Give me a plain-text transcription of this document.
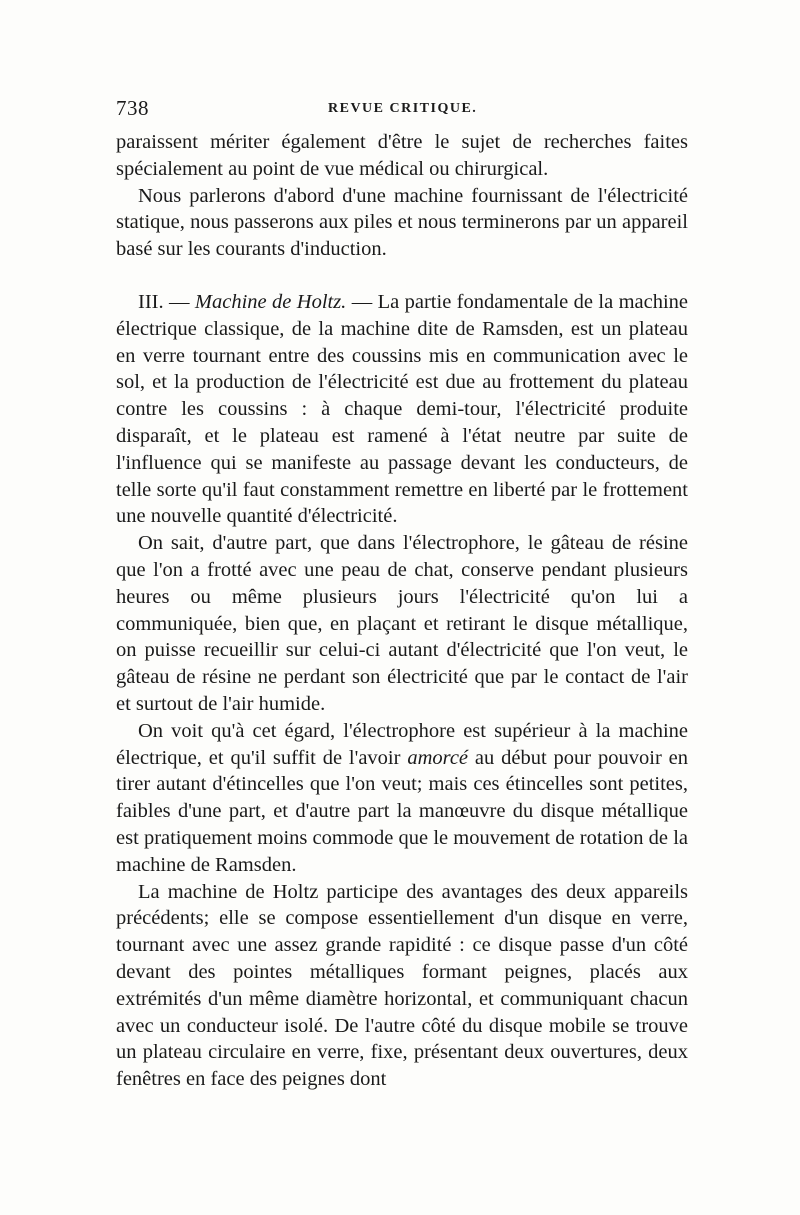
738	REVUE CRITIQUE.

paraissent mériter également d'être le sujet de recherches faites spécialement au point de vue médical ou chirurgical.

Nous parlerons d'abord d'une machine fournissant de l'électricité statique, nous passerons aux piles et nous terminerons par un appareil basé sur les courants d'induction.

III. — Machine de Holtz. — La partie fondamentale de la machine électrique classique, de la machine dite de Ramsden, est un plateau en verre tournant entre des coussins mis en communication avec le sol, et la production de l'électricité est due au frottement du plateau contre les coussins : à chaque demi-tour, l'électricité produite disparaît, et le plateau est ramené à l'état neutre par suite de l'influence qui se manifeste au passage devant les conducteurs, de telle sorte qu'il faut constamment remettre en liberté par le frottement une nouvelle quantité d'électricité.

On sait, d'autre part, que dans l'électrophore, le gâteau de résine que l'on a frotté avec une peau de chat, conserve pendant plusieurs heures ou même plusieurs jours l'électricité qu'on lui a communiquée, bien que, en plaçant et retirant le disque métallique, on puisse recueillir sur celui-ci autant d'électricité que l'on veut, le gâteau de résine ne perdant son électricité que par le contact de l'air et surtout de l'air humide.

On voit qu'à cet égard, l'électrophore est supérieur à la machine électrique, et qu'il suffit de l'avoir amorcé au début pour pouvoir en tirer autant d'étincelles que l'on veut; mais ces étincelles sont petites, faibles d'une part, et d'autre part la manœuvre du disque métallique est pratiquement moins commode que le mouvement de rotation de la machine de Ramsden.

La machine de Holtz participe des avantages des deux appareils précédents; elle se compose essentiellement d'un disque en verre, tournant avec une assez grande rapidité : ce disque passe d'un côté devant des pointes métalliques formant peignes, placés aux extrémités d'un même diamètre horizontal, et communiquant chacun avec un conducteur isolé. De l'autre côté du disque mobile se trouve un plateau circulaire en verre, fixe, présentant deux ouvertures, deux fenêtres en face des peignes dont
